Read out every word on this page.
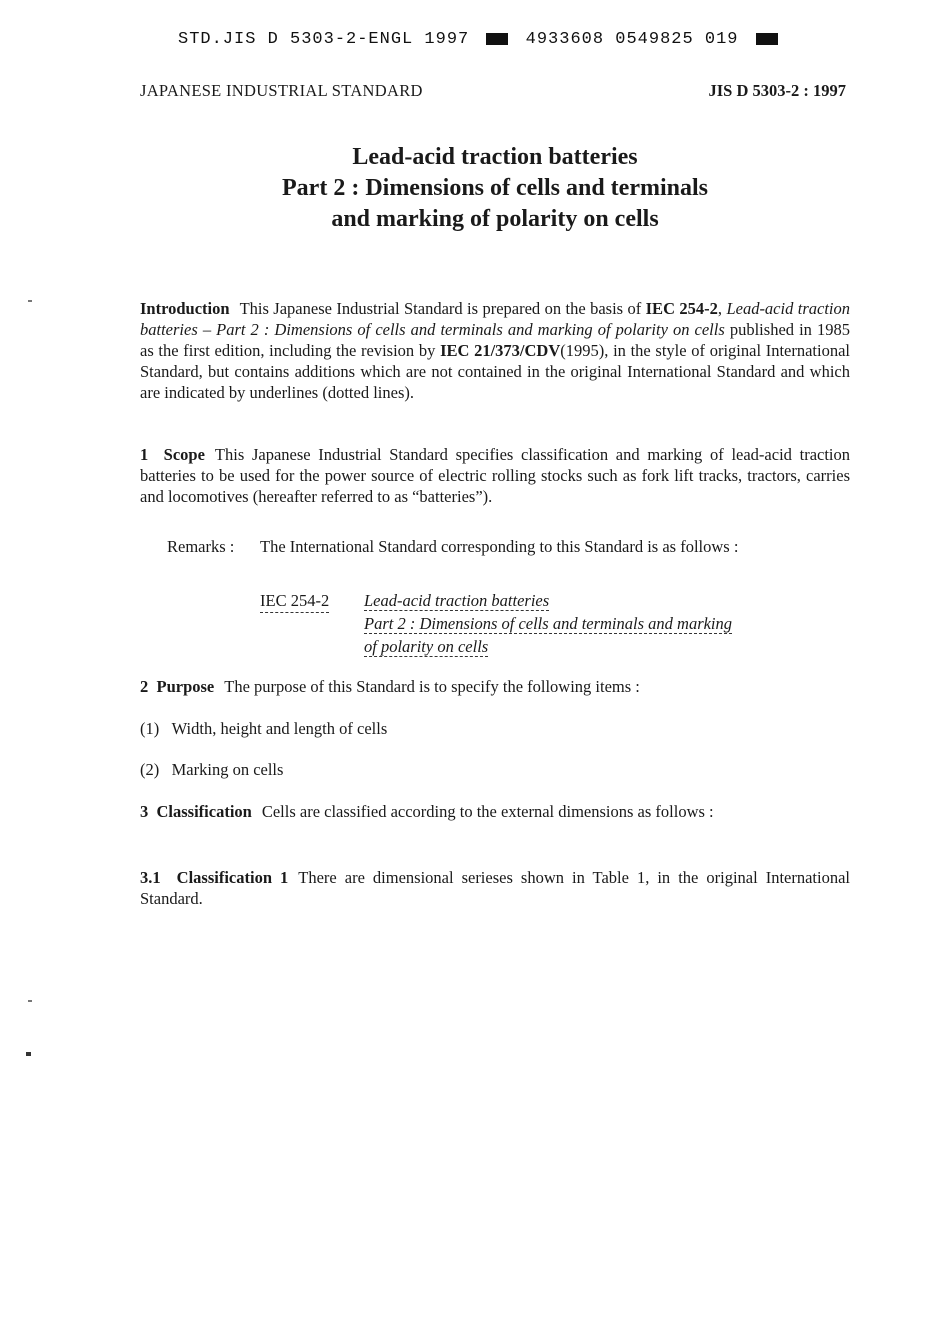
STD.JIS D 5303-2-ENGL 1997	4933608 0549825 019
JAPANESE INDUSTRIAL STANDARD	JIS D 5303-2 : 1997
Lead-acid traction batteries
Part 2 : Dimensions of cells and terminals
and marking of polarity on cells
Introduction This Japanese Industrial Standard is prepared on the basis of IEC 254-2, Lead-acid traction batteries – Part 2 : Dimensions of cells and terminals and marking of polarity on cells published in 1985 as the first edition, including the revision by IEC 21/373/CDV(1995), in the style of original International Standard, but contains additions which are not contained in the original International Standard and which are indicated by underlines (dotted lines).
1 Scope This Japanese Industrial Standard specifies classification and marking of lead-acid traction batteries to be used for the power source of electric rolling stocks such as fork lift tracks, tractors, carries and locomotives (hereafter referred to as “batteries”).
Remarks : The International Standard corresponding to this Standard is as follows :
IEC 254-2 Lead-acid traction batteries
Part 2 : Dimensions of cells and terminals and marking
of polarity on cells
2 Purpose The purpose of this Standard is to specify the following items :
(1) Width, height and length of cells
(2) Marking on cells
3 Classification Cells are classified according to the external dimensions as follows :
3.1 Classification 1 There are dimensional serieses shown in Table 1, in the original International Standard.
